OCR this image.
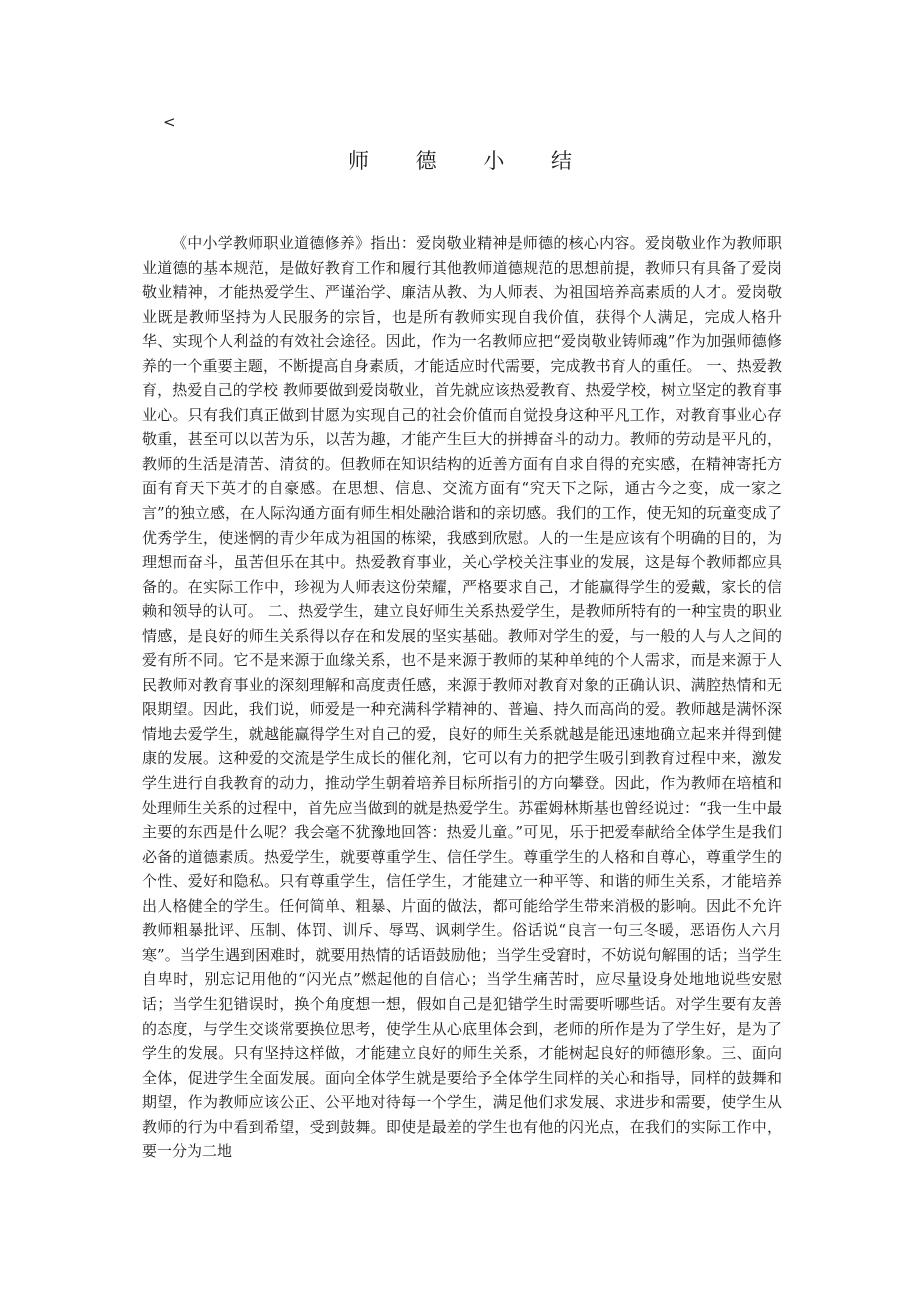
<
师 德 小 结

《中小学教师职业道德修养》指出：爱岗敬业精神是师德的核心内容。爱岗敬业作为教师职业道德的基本规范，是做好教育工作和履行其他教师道德规范的思想前提，教师只有具备了爱岗敬业精神，才能热爱学生、严谨治学、廉洁从教、为人师表、为祖国培养高素质的人才。爱岗敬业既是教师坚持为人民服务的宗旨，也是所有教师实现自我价值，获得个人满足，完成人格升华、实现个人利益的有效社会途径。因此，作为一名教师应把“爱岗敬业铸师魂”作为加强师德修养的一个重要主题，不断提高自身素质，才能适应时代需要，完成教书育人的重任。 一、热爱教育，热爱自己的学校 教师要做到爱岗敬业，首先就应该热爱教育、热爱学校，树立坚定的教育事业心。只有我们真正做到甘愿为实现自己的社会价值而自觉投身这种平凡工作，对教育事业心存敬重，甚至可以以苦为乐，以苦为趣，才能产生巨大的拼搏奋斗的动力。教师的劳动是平凡的，教师的生活是清苦、清贫的。但教师在知识结构的近善方面有自求自得的充实感，在精神寄托方面有育天下英才的自豪感。在思想、信息、交流方面有“究天下之际，通古今之变，成一家之言”的独立感，在人际沟通方面有师生相处融洽谐和的亲切感。我们的工作，使无知的玩童变成了优秀学生，使迷惘的青少年成为祖国的栋梁，我感到欣慰。人的一生是应该有个明确的目的，为理想而奋斗，虽苦但乐在其中。热爱教育事业，关心学校关注事业的发展，这是每个教师都应具备的。在实际工作中，珍视为人师表这份荣耀，严格要求自己，才能赢得学生的爱戴，家长的信赖和领导的认可。 二、热爱学生，建立良好师生关系热爱学生，是教师所特有的一种宝贵的职业情感，是良好的师生关系得以存在和发展的坚实基础。教师对学生的爱，与一般的人与人之间的爱有所不同。它不是来源于血缘关系，也不是来源于教师的某种单纯的个人需求，而是来源于人民教师对教育事业的深刻理解和高度责任感，来源于教师对教育对象的正确认识、满腔热情和无限期望。因此，我们说，师爱是一种充满科学精神的、普遍、持久而高尚的爱。教师越是满怀深情地去爱学生，就越能赢得学生对自己的爱，良好的师生关系就越是能迅速地确立起来并得到健康的发展。这种爱的交流是学生成长的催化剂，它可以有力的把学生吸引到教育过程中来，激发学生进行自我教育的动力，推动学生朝着培养目标所指引的方向攀登。因此，作为教师在培植和处理师生关系的过程中，首先应当做到的就是热爱学生。苏霍姆林斯基也曾经说过：“我一生中最主要的东西是什么呢？我会毫不犹豫地回答：热爱儿童。”可见，乐于把爱奉献给全体学生是我们必备的道德素质。热爱学生，就要尊重学生、信任学生。尊重学生的人格和自尊心，尊重学生的个性、爱好和隐私。只有尊重学生，信任学生，才能建立一种平等、和谐的师生关系，才能培养出人格健全的学生。任何简单、粗暴、片面的做法，都可能给学生带来消极的影响。因此不允许教师粗暴批评、压制、体罚、训斥、辱骂、讽刺学生。俗话说“良言一句三冬暖，恶语伤人六月寒”。当学生遇到困难时，就要用热情的话语鼓励他；当学生受窘时，不妨说句解围的话；当学生自卑时，别忘记用他的“闪光点”燃起他的自信心；当学生痛苦时，应尽量设身处地地说些安慰话；当学生犯错误时，换个角度想一想，假如自己是犯错学生时需要听哪些话。对学生要有友善的态度，与学生交谈常要换位思考，使学生从心底里体会到，老师的所作是为了学生好，是为了学生的发展。只有坚持这样做，才能建立良好的师生关系，才能树起良好的师德形象。三、面向全体，促进学生全面发展。面向全体学生就是要给予全体学生同样的关心和指导，同样的鼓舞和期望，作为教师应该公正、公平地对待每一个学生，满足他们求发展、求进步和需要，使学生从教师的行为中看到希望，受到鼓舞。即使是最差的学生也有他的闪光点，在我们的实际工作中，要一分为二地
